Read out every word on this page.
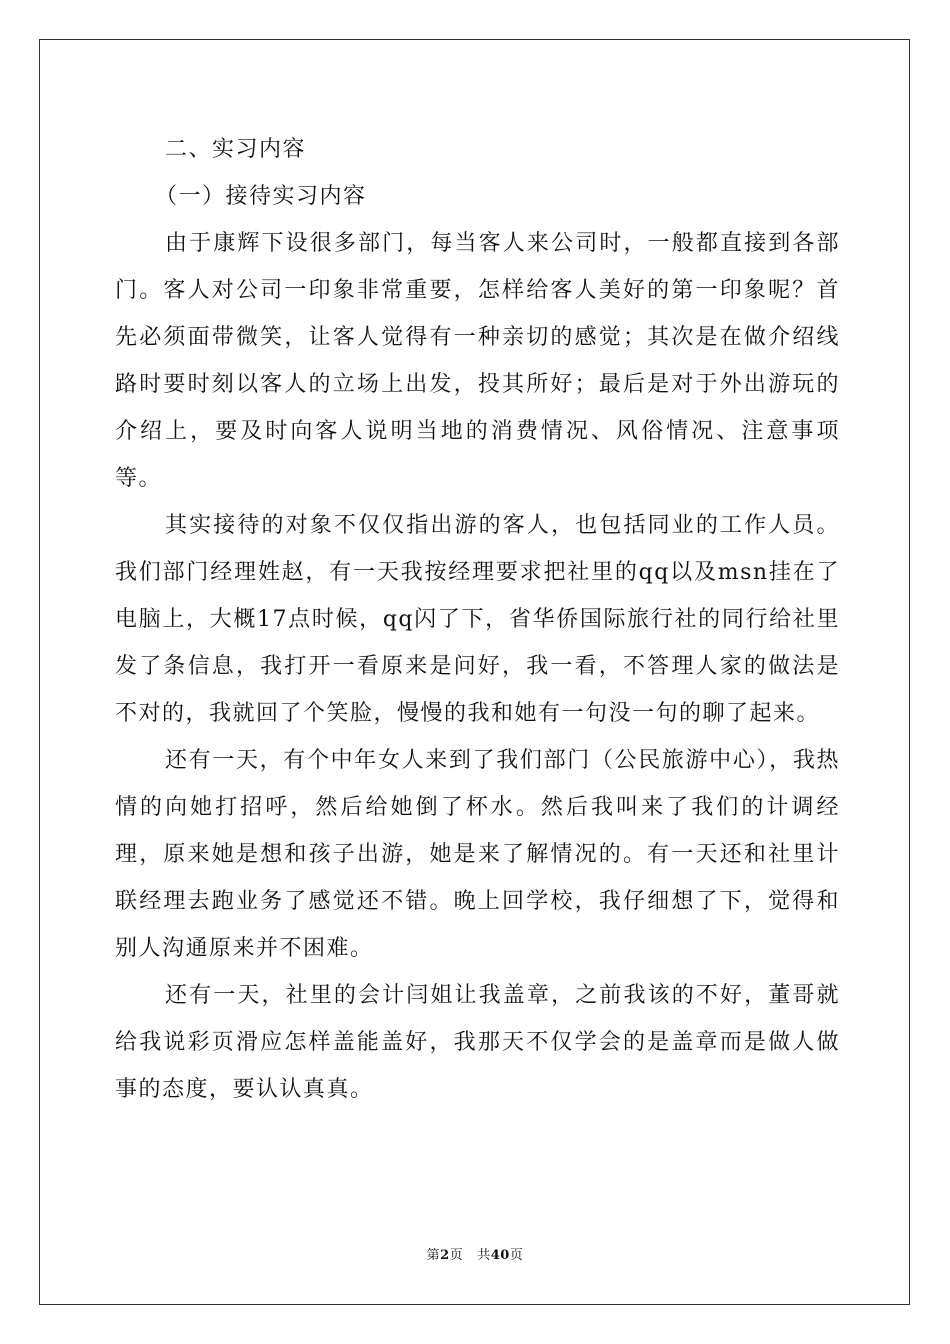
二、实习内容

（一）接待实习内容

由于康辉下设很多部门，每当客人来公司时，一般都直接到各部门。客人对公司一印象非常重要，怎样给客人美好的第一印象呢？首先必须面带微笑，让客人觉得有一种亲切的感觉；其次是在做介绍线路时要时刻以客人的立场上出发，投其所好；最后是对于外出游玩的介绍上，要及时向客人说明当地的消费情况、风俗情况、注意事项等。

其实接待的对象不仅仅指出游的客人，也包括同业的工作人员。我们部门经理姓赵，有一天我按经理要求把社里的qq以及msn挂在了电脑上，大概17点时候，qq闪了下，省华侨国际旅行社的同行给社里发了条信息，我打开一看原来是问好，我一看，不答理人家的做法是不对的，我就回了个笑脸，慢慢的我和她有一句没一句的聊了起来。

还有一天，有个中年女人来到了我们部门（公民旅游中心），我热情的向她打招呼，然后给她倒了杯水。然后我叫来了我们的计调经理，原来她是想和孩子出游，她是来了解情况的。有一天还和社里计联经理去跑业务了感觉还不错。晚上回学校，我仔细想了下，觉得和别人沟通原来并不困难。

还有一天，社里的会计闫姐让我盖章，之前我该的不好，董哥就给我说彩页滑应怎样盖能盖好，我那天不仅学会的是盖章而是做人做事的态度，要认认真真。

第2页 共40页
